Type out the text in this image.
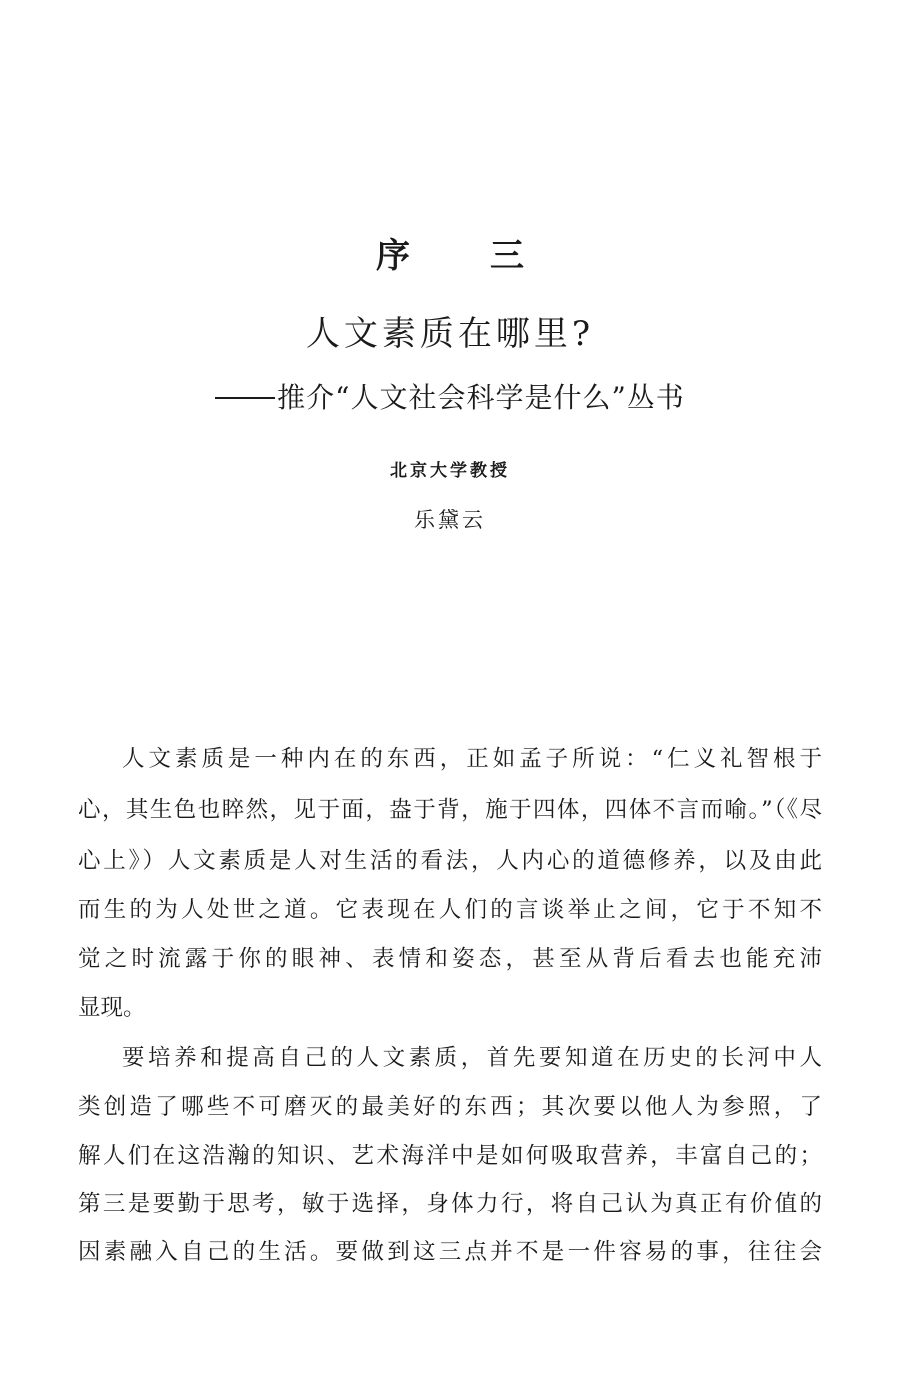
序 三
人文素质在哪里?
推介“人文社会科学是什么”丛书
北京大学教授
乐黛云
人文素质是一种内在的东西，正如孟子所说：“仁义礼智根于
心，其生色也睟然，见于面，盎于背，施于四体，四体不言而喻。”（《尽
心上》）人文素质是人对生活的看法，人内心的道德修养，以及由此
而生的为人处世之道。它表现在人们的言谈举止之间，它于不知不
觉之时流露于你的眼神、表情和姿态，甚至从背后看去也能充沛
显现。
要培养和提高自己的人文素质，首先要知道在历史的长河中人
类创造了哪些不可磨灭的最美好的东西；其次要以他人为参照，了
解人们在这浩瀚的知识、艺术海洋中是如何吸取营养，丰富自己的；
第三是要勤于思考，敏于选择，身体力行，将自己认为真正有价值的
因素融入自己的生活。要做到这三点并不是一件容易的事，往往会
